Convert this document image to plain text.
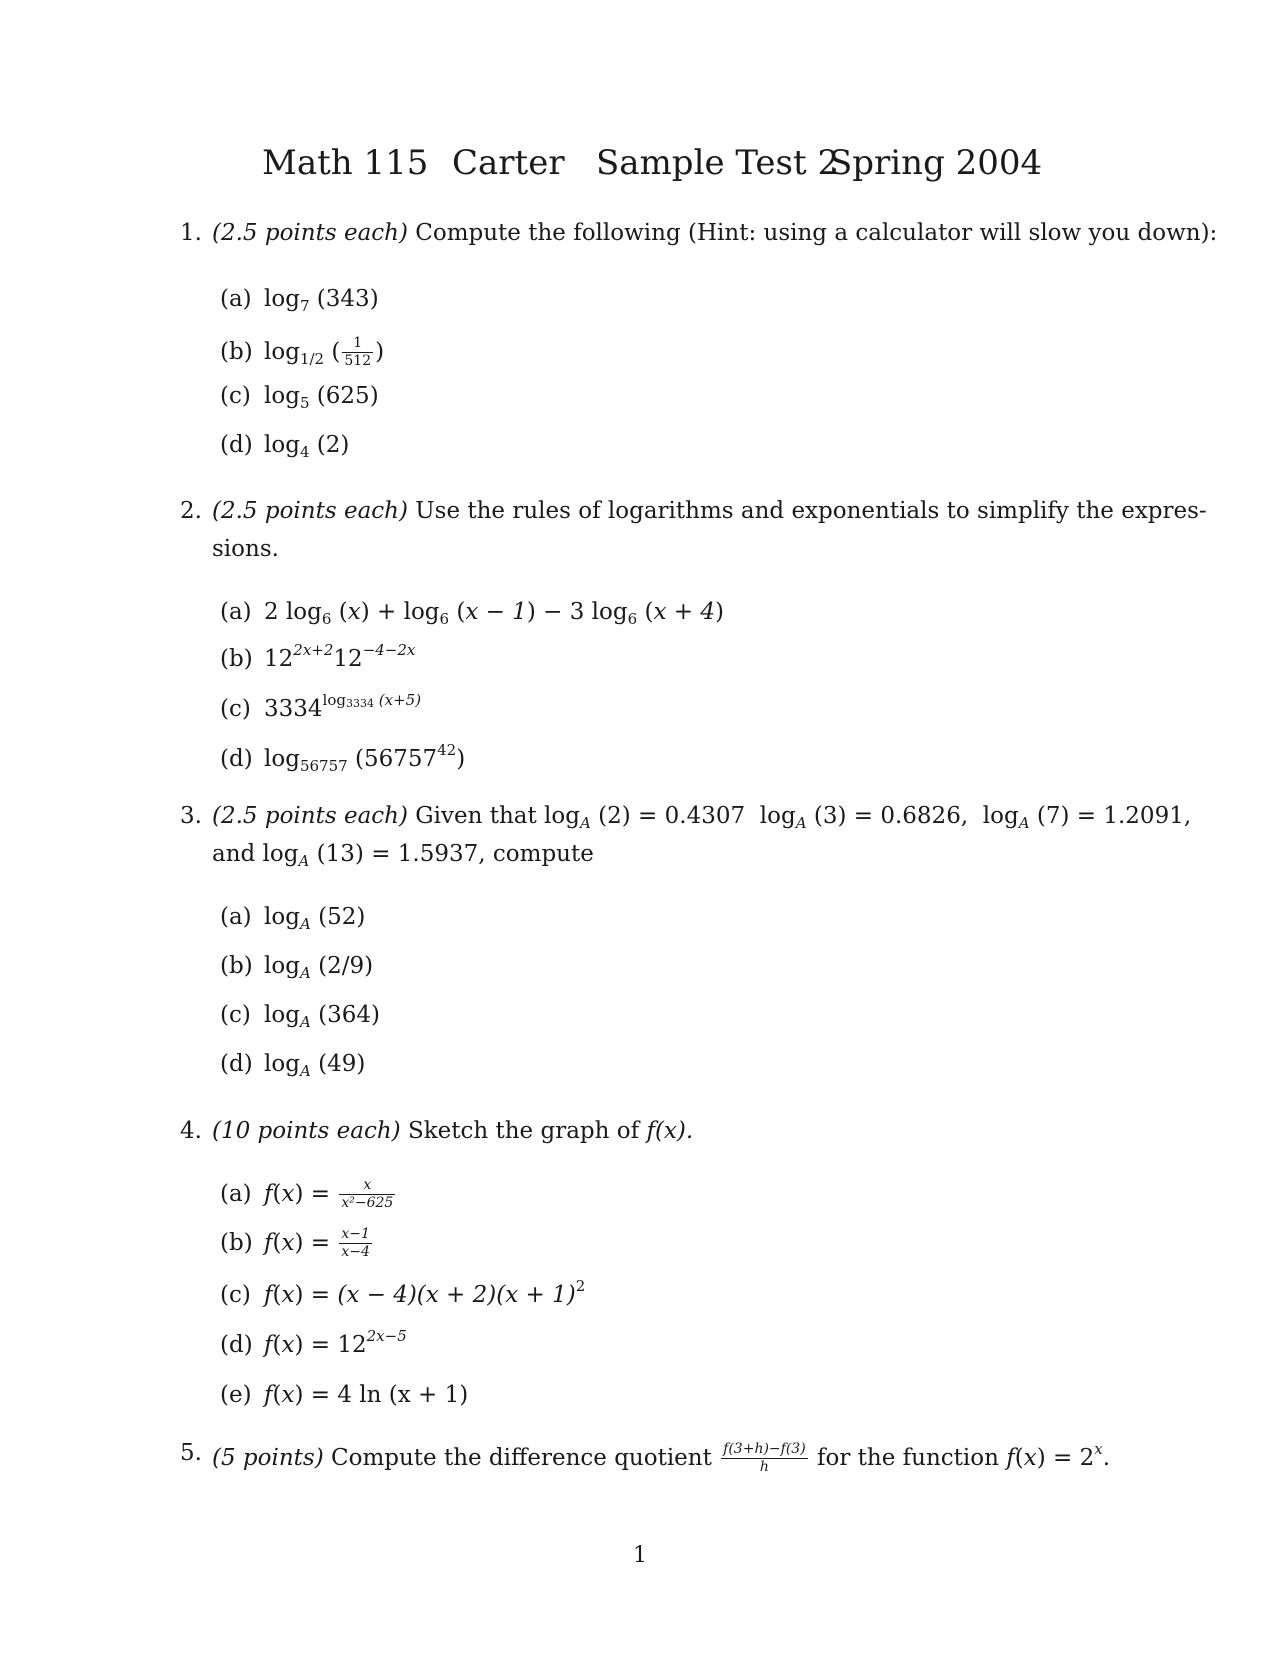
Math 115 Carter Sample Test 2
Spring 2004
1. (2.5 points each) Compute the following (Hint: using a calculator will slow you down):
(a) $\log_7 (343)$
(b) $\log_{1/2}$ ( $\frac{1}{512}$ )
(c) $\log_5 (625)$
(d) $\log_4 (2)$
2. (2.5 points each) Use the rules of logarithms and exponentials to simplify the expres-
sions.
(a) 2 $\log_6 (x) + \log_6 (x - 1) - 3$ $\log_6 (x + 4)$
(b) $12^{2x+2}12^{-4-2x}$
(c) $3334^{log3334 (x+5)}$
(d) $\log_{56757} (56757^{42})$
3. (2.5 points each) Given that $\log_A (2) = 0.4307$  $\log_A (3) = 0.6826$,  $\log_A (7) = 1.2091$,
and $\log_A (13) = 1.5937$, compute
(a) $\log_A (52)$
(b) $\log_A (2/9)$
(c) $\log_A (364)$
(d) $\log_A (49)$
4. (10 points each) Sketch the graph of f(x).
(a) $f(x) = \frac{x}{\text{x²−625}}$
(b) $f(x) = \frac{x-1}{x-4}$
(c) $f(x) = (x - 4)(x + 2)(x + 1)^2$
(d) $f(x) = 12^{2x-5}$
(e) f(x) = 4 ln (x + 1)
5. (5 points) Compute the difference quotient $\frac{f(3+h)-f(3)}{h}$ for the function $f(x) = 2^x$.
1
